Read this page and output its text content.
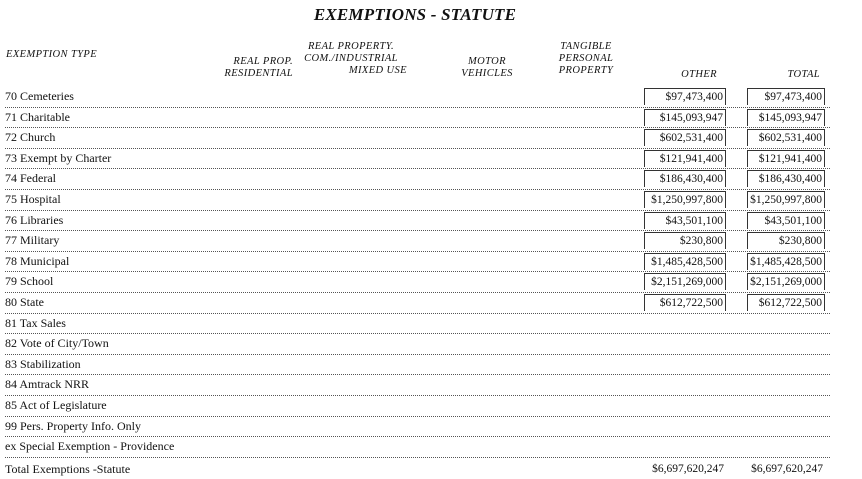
EXEMPTIONS - STATUTE
EXEMPTION TYPE
REAL PROP.
RESIDENTIAL
REAL PROPERTY.
COM./INDUSTRIAL
MIXED USE
MOTOR
VEHICLES
TANGIBLE
PERSONAL
PROPERTY	OTHER	TOTAL
70 Cemeteries	$97,473,400	$97,473,400
71 Charitable	$145,093,947	$145,093,947
72 Church	$602,531,400	$602,531,400
73 Exempt by Charter	$121,941,400	$121,941,400
74 Federal	$186,430,400	$186,430,400
75 Hospital	$1,250,997,800 $1,250,997,800
76 Libraries	$43,501,100	$43,501,100
77 Military	$230,800	$230,800
78 Municipal	$1,485,428,500 $1,485,428,500
79 School	$2,151,269,000 $2,151,269,000
80 State	$612,722,500	$612,722,500
81 Tax Sales
82 Vote of City/Town
83 Stabilization
84 Amtrack NRR
85 Act of Legislature
99 Pers. Property Info. Only
ex Special Exemption - Providence
Total Exemptions -Statute	$6,697,620,247	$6,697,620,247
